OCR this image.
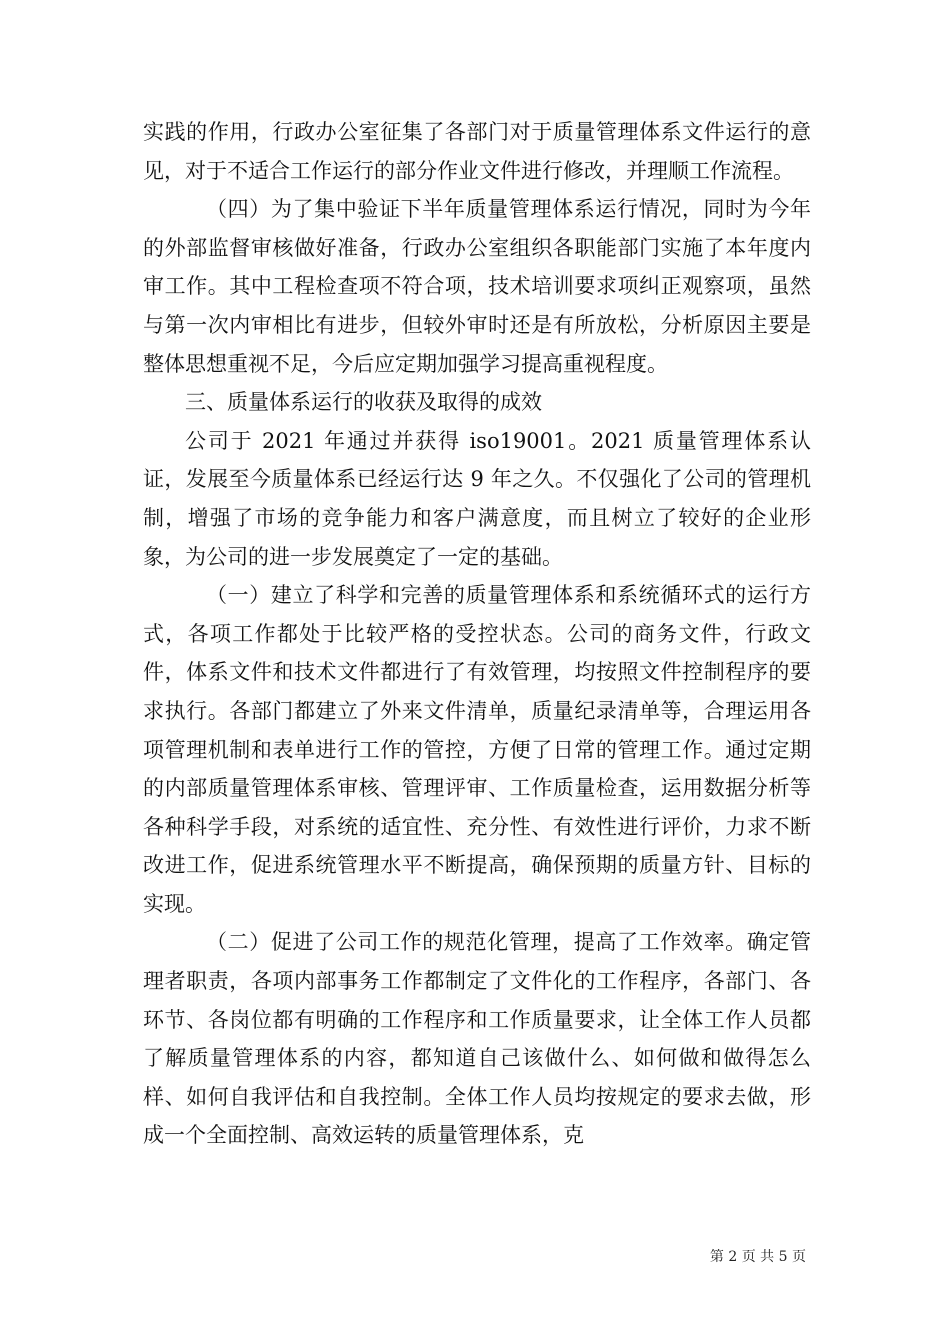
实践的作用，行政办公室征集了各部门对于质量管理体系文件运行的意见，对于不适合工作运行的部分作业文件进行修改，并理顺工作流程。

（四）为了集中验证下半年质量管理体系运行情况，同时为今年的外部监督审核做好准备，行政办公室组织各职能部门实施了本年度内审工作。其中工程检查项不符合项，技术培训要求项纠正观察项，虽然与第一次内审相比有进步，但较外审时还是有所放松，分析原因主要是整体思想重视不足，今后应定期加强学习提高重视程度。

三、质量体系运行的收获及取得的成效

公司于 2021 年通过并获得 iso19001。2021 质量管理体系认证，发展至今质量体系已经运行达 9 年之久。不仅强化了公司的管理机制，增强了市场的竞争能力和客户满意度，而且树立了较好的企业形象，为公司的进一步发展奠定了一定的基础。

（一）建立了科学和完善的质量管理体系和系统循环式的运行方式，各项工作都处于比较严格的受控状态。公司的商务文件，行政文件，体系文件和技术文件都进行了有效管理，均按照文件控制程序的要求执行。各部门都建立了外来文件清单，质量纪录清单等，合理运用各项管理机制和表单进行工作的管控，方便了日常的管理工作。通过定期的内部质量管理体系审核、管理评审、工作质量检查，运用数据分析等各种科学手段，对系统的适宜性、充分性、有效性进行评价，力求不断改进工作，促进系统管理水平不断提高，确保预期的质量方针、目标的实现。

（二）促进了公司工作的规范化管理，提高了工作效率。确定管理者职责，各项内部事务工作都制定了文件化的工作程序，各部门、各环节、各岗位都有明确的工作程序和工作质量要求，让全体工作人员都了解质量管理体系的内容，都知道自己该做什么、如何做和做得怎么样、如何自我评估和自我控制。全体工作人员均按规定的要求去做，形成一个全面控制、高效运转的质量管理体系，克

第 2 页 共 5 页
